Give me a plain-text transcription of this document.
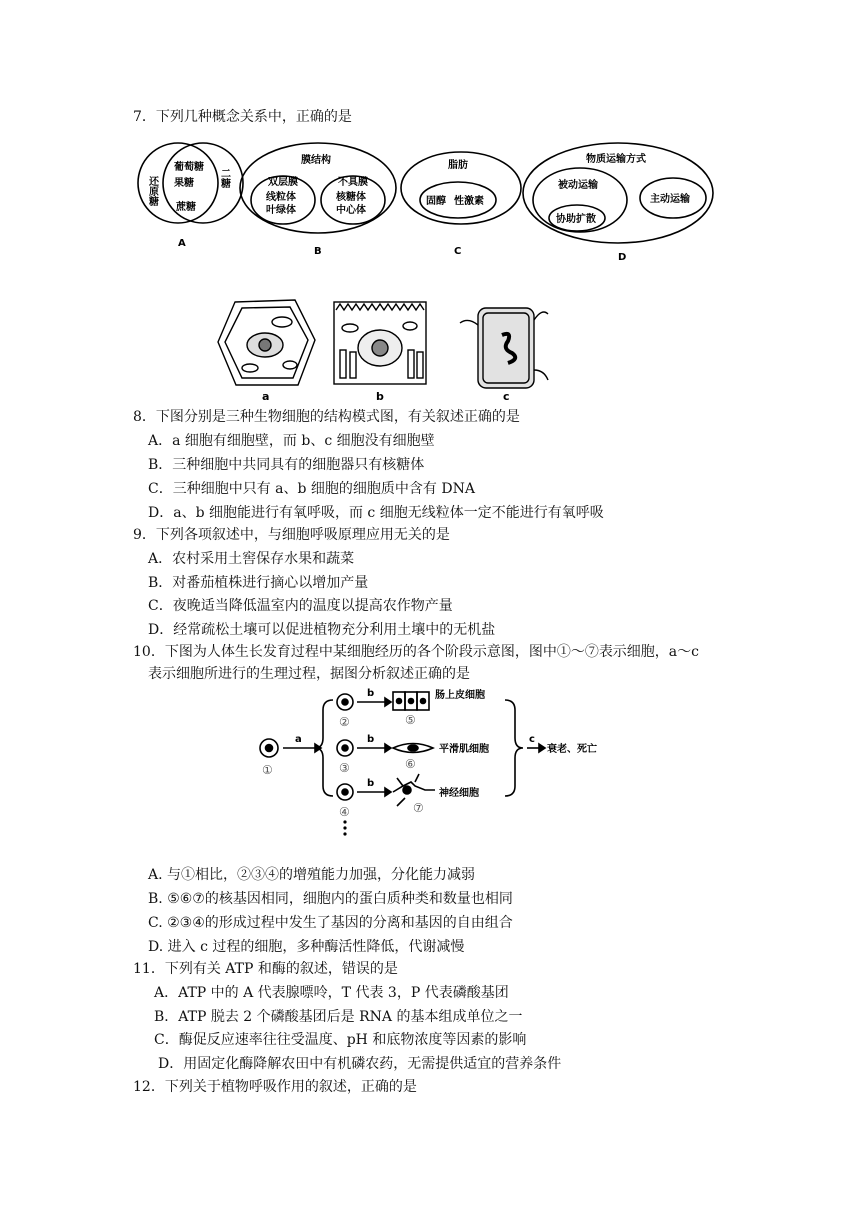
7．下列几种概念关系中，正确的是
还原糖	二糖
葡萄糖
果糖
蔗糖
A
膜结构
双层膜
线粒体
叶绿体
不具膜
核糖体
中心体
B
脂肪
固醇 性激素
C
物质运输方式
被动运输
协助扩散
主动运输
D
a	b	c
8．下图分别是三种生物细胞的结构模式图，有关叙述正确的是
A．a 细胞有细胞壁，而 b、c 细胞没有细胞壁
B．三种细胞中共同具有的细胞器只有核糖体
C．三种细胞中只有 a、b 细胞的细胞质中含有 DNA
D．a、b 细胞能进行有氧呼吸，而 c 细胞无线粒体一定不能进行有氧呼吸
9．下列各项叙述中，与细胞呼吸原理应用无关的是
A．农村采用土窖保存水果和蔬菜
B．对番茄植株进行摘心以增加产量
C．夜晚适当降低温室内的温度以提高农作物产量
D．经常疏松土壤可以促进植物充分利用土壤中的无机盐
10．下图为人体生长发育过程中某细胞经历的各个阶段示意图，图中①～⑦表示细胞，a～c
表示细胞所进行的生理过程，据图分析叙述正确的是
a
b
b
b
c
肠上皮细胞
平滑肌细胞
神经细胞
衰老、死亡
①
②
③
④
⑤
⑥
⑦
A. 与①相比，②③④的增殖能力加强，分化能力减弱
B. ⑤⑥⑦的核基因相同，细胞内的蛋白质种类和数量也相同
C. ②③④的形成过程中发生了基因的分离和基因的自由组合
D. 进入 c 过程的细胞，多种酶活性降低，代谢减慢
11．下列有关 ATP 和酶的叙述，错误的是
A．ATP 中的 A 代表腺嘌呤，T 代表 3，P 代表磷酸基团
B．ATP 脱去 2 个磷酸基团后是 RNA 的基本组成单位之一
C．酶促反应速率往往受温度、pH 和底物浓度等因素的影响
D．用固定化酶降解农田中有机磷农药，无需提供适宜的营养条件
12．下列关于植物呼吸作用的叙述，正确的是
